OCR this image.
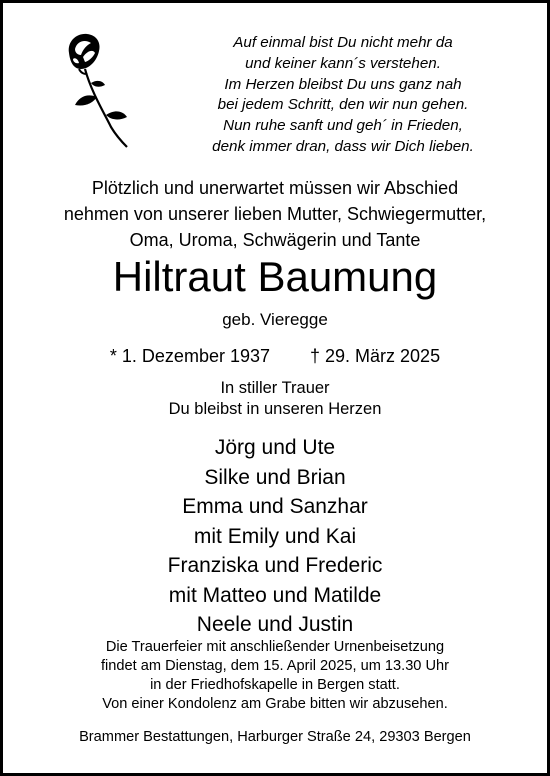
Auf einmal bist Du nicht mehr da
und keiner kann´s verstehen.
Im Herzen bleibst Du uns ganz nah
bei jedem Schritt, den wir nun gehen.
Nun ruhe sanft und geh´ in Frieden,
denk immer dran, dass wir Dich lieben.
Plötzlich und unerwartet müssen wir Abschied
nehmen von unserer lieben Mutter, Schwiegermutter,
Oma, Uroma, Schwägerin und Tante
Hiltraut Baumung
geb. Vieregge
* 1. Dezember 1937 † 29. März 2025
In stiller Trauer
Du bleibst in unseren Herzen
Jörg und Ute
Silke und Brian
Emma und Sanzhar
mit Emily und Kai
Franziska und Frederic
mit Matteo und Matilde
Neele und Justin
Die Trauerfeier mit anschließender Urnenbeisetzung
findet am Dienstag, dem 15. April 2025, um 13.30 Uhr
in der Friedhofskapelle in Bergen statt.
Von einer Kondolenz am Grabe bitten wir abzusehen.
Brammer Bestattungen, Harburger Straße 24, 29303 Bergen
